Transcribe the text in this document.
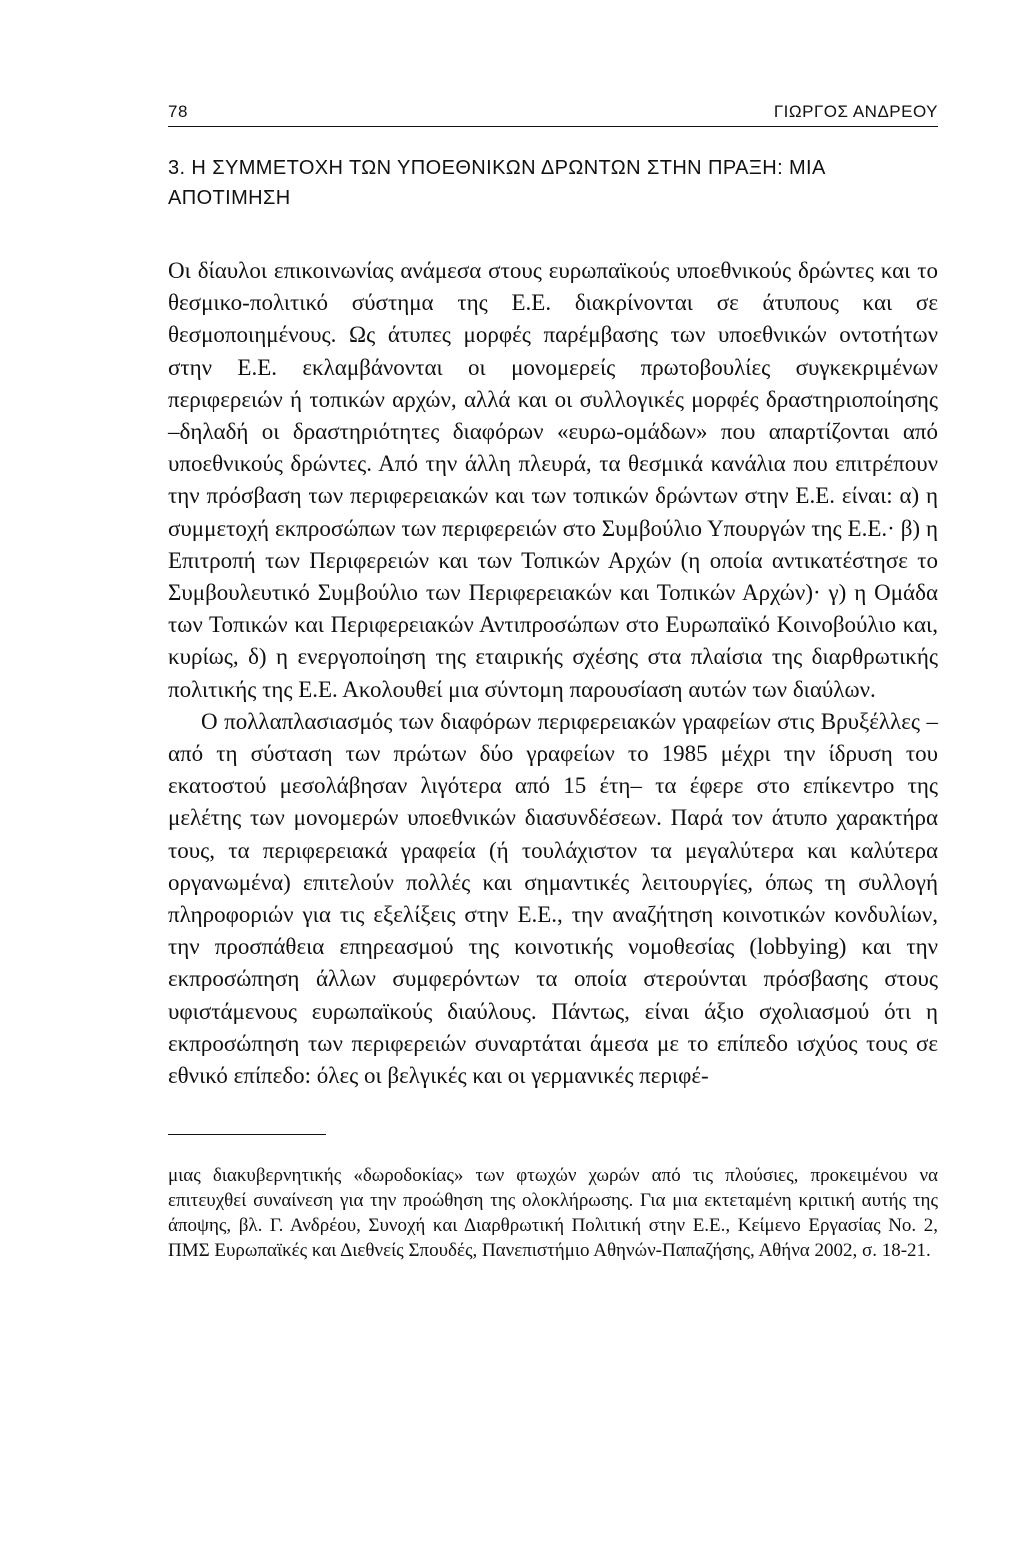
78	ΓΙΩΡΓΟΣ ΑΝΔΡΕΟΥ
3. Η ΣΥΜΜΕΤΟΧΗ ΤΩΝ ΥΠΟΕΘΝΙΚΩΝ ΔΡΩΝΤΩΝ ΣΤΗΝ ΠΡΑΞΗ: ΜΙΑ ΑΠΟΤΙΜΗΣΗ

Οι δίαυλοι επικοινωνίας ανάμεσα στους ευρωπαϊκούς υποεθνικούς δρώντες και το θεσμικο-πολιτικό σύστημα της Ε.Ε. διακρίνονται σε άτυπους και σε θεσμοποιημένους. Ως άτυπες μορφές παρέμβασης των υποεθνικών οντοτήτων στην Ε.Ε. εκλαμβάνονται οι μονομερείς πρωτοβουλίες συγκεκριμένων περιφερειών ή τοπικών αρχών, αλλά και οι συλλογικές μορφές δραστηριοποίησης –δηλαδή οι δραστηριότητες διαφόρων «ευρω-ομάδων» που απαρτίζονται από υποεθνικούς δρώντες. Από την άλλη πλευρά, τα θεσμικά κανάλια που επιτρέπουν την πρόσβαση των περιφερειακών και των τοπικών δρώντων στην Ε.Ε. είναι: α) η συμμετοχή εκπροσώπων των περιφερειών στο Συμβούλιο Υπουργών της Ε.Ε.· β) η Επιτροπή των Περιφερειών και των Τοπικών Αρχών (η οποία αντικατέστησε το Συμβουλευτικό Συμβούλιο των Περιφερειακών και Τοπικών Αρχών)· γ) η Ομάδα των Τοπικών και Περιφερειακών Αντιπροσώπων στο Ευρωπαϊκό Κοινοβούλιο και, κυρίως, δ) η ενεργοποίηση της εταιρικής σχέσης στα πλαίσια της διαρθρωτικής πολιτικής της Ε.Ε. Ακολουθεί μια σύντομη παρουσίαση αυτών των διαύλων.

Ο πολλαπλασιασμός των διαφόρων περιφερειακών γραφείων στις Βρυξέλλες –από τη σύσταση των πρώτων δύο γραφείων το 1985 μέχρι την ίδρυση του εκατοστού μεσολάβησαν λιγότερα από 15 έτη– τα έφερε στο επίκεντρο της μελέτης των μονομερών υποεθνικών διασυνδέσεων. Παρά τον άτυπο χαρακτήρα τους, τα περιφερειακά γραφεία (ή τουλάχιστον τα μεγαλύτερα και καλύτερα οργανωμένα) επιτελούν πολλές και σημαντικές λειτουργίες, όπως τη συλλογή πληροφοριών για τις εξελίξεις στην Ε.Ε., την αναζήτηση κοινοτικών κονδυλίων, την προσπάθεια επηρεασμού της κοινοτικής νομοθεσίας (lobbying) και την εκπροσώπηση άλλων συμφερόντων τα οποία στερούνται πρόσβασης στους υφιστάμενους ευρωπαϊκούς διαύλους. Πάντως, είναι άξιο σχολιασμού ότι η εκπροσώπηση των περιφερειών συναρτάται άμεσα με το επίπεδο ισχύος τους σε εθνικό επίπεδο: όλες οι βελγικές και οι γερμανικές περιφέ-

μιας διακυβερνητικής «δωροδοκίας» των φτωχών χωρών από τις πλούσιες, προκειμένου να επιτευχθεί συναίνεση για την προώθηση της ολοκλήρωσης. Για μια εκτεταμένη κριτική αυτής της άποψης, βλ. Γ. Ανδρέου, Συνοχή και Διαρθρωτική Πολιτική στην Ε.Ε., Κείμενο Εργασίας Νο. 2, ΠΜΣ Ευρωπαϊκές και Διεθνείς Σπουδές, Πανεπιστήμιο Αθηνών-Παπαζήσης, Αθήνα 2002, σ. 18-21.
